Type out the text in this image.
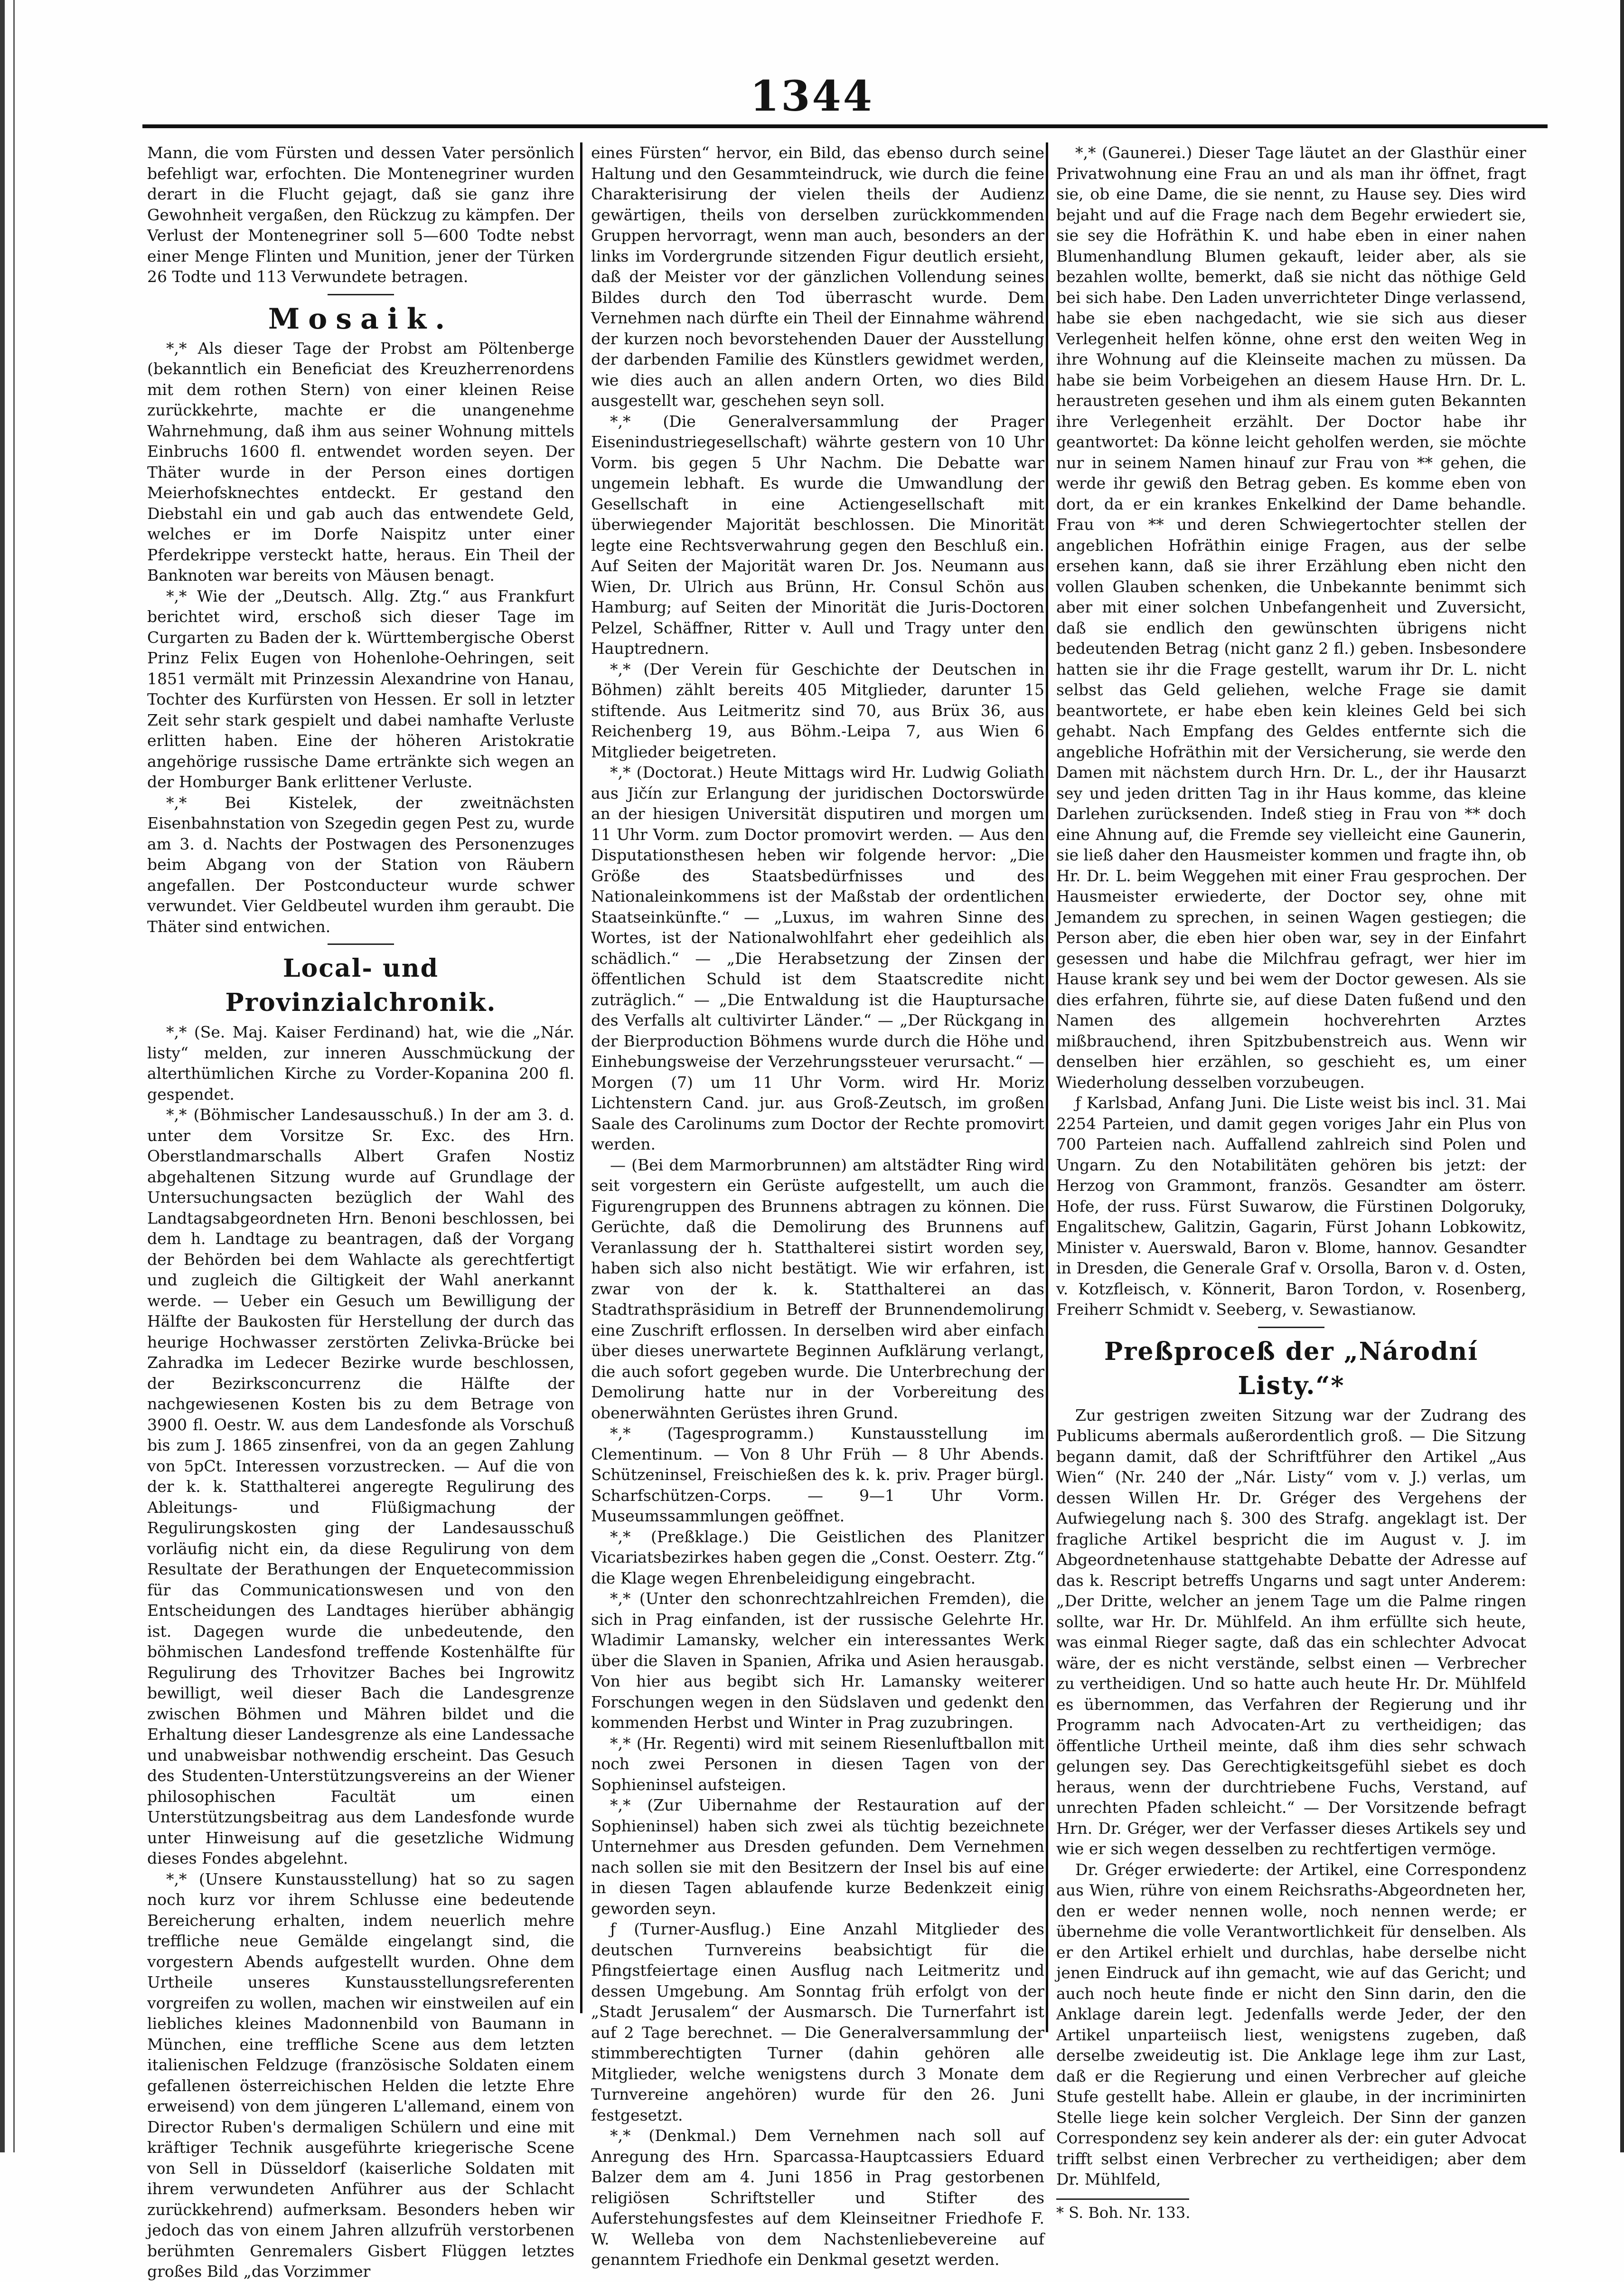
1344

Mann, die vom Fürsten und dessen Vater persönlich befehligt war, erfochten. Die Montenegriner wurden derart in die Flucht gejagt, daß sie ganz ihre Gewohnheit vergaßen, den Rückzug zu kämpfen. Der Verlust der Montenegriner soll 5—600 Todte nebst einer Menge Flinten und Munition, jener der Türken 26 Todte und 113 Verwundete betragen.

Mosaik.

*,* Als dieser Tage der Probst am Pöltenberge (bekanntlich ein Beneficiat des Kreuzherrenordens mit dem rothen Stern) von einer kleinen Reise zurückkehrte, machte er die unangenehme Wahrnehmung, daß ihm aus seiner Wohnung mittels Einbruchs 1600 fl. entwendet worden seyen. Der Thäter wurde in der Person eines dortigen Meierhofsknechtes entdeckt. Er gestand den Diebstahl ein und gab auch das entwendete Geld, welches er im Dorfe Naispitz unter einer Pferdekrippe versteckt hatte, heraus. Ein Theil der Banknoten war bereits von Mäusen benagt.

*,* Wie der „Deutsch. Allg. Ztg.“ aus Frankfurt berichtet wird, erschoß sich dieser Tage im Curgarten zu Baden der k. Württembergische Oberst Prinz Felix Eugen von Hohenlohe-Oehringen, seit 1851 vermält mit Prinzessin Alexandrine von Hanau, Tochter des Kurfürsten von Hessen. Er soll in letzter Zeit sehr stark gespielt und dabei namhafte Verluste erlitten haben. Eine der höheren Aristokratie angehörige russische Dame ertränkte sich wegen an der Homburger Bank erlittener Verluste.

*,* Bei Kistelek, der zweitnächsten Eisenbahnstation von Szegedin gegen Pest zu, wurde am 3. d. Nachts der Postwagen des Personenzuges beim Abgang von der Station von Räubern angefallen. Der Postconducteur wurde schwer verwundet. Vier Geldbeutel wurden ihm geraubt. Die Thäter sind entwichen.

Local- und Provinzialchronik.

*,* (Se. Maj. Kaiser Ferdinand) hat, wie die „Nár. listy“ melden, zur inneren Ausschmückung der alterthümlichen Kirche zu Vorder-Kopanina 200 fl. gespendet.

*,* (Böhmischer Landesausschuß.) In der am 3. d. unter dem Vorsitze Sr. Exc. des Hrn. Oberstlandmarschalls Albert Grafen Nostiz abgehaltenen Sitzung wurde auf Grundlage der Untersuchungsacten bezüglich der Wahl des Landtagsabgeordneten Hrn. Benoni beschlossen, bei dem h. Landtage zu beantragen, daß der Vorgang der Behörden bei dem Wahlacte als gerechtfertigt und zugleich die Giltigkeit der Wahl anerkannt werde. — Ueber ein Gesuch um Bewilligung der Hälfte der Baukosten für Herstellung der durch das heurige Hochwasser zerstörten Zelivka-Brücke bei Zahradka im Ledecer Bezirke wurde beschlossen, der Bezirksconcurrenz die Hälfte der nachgewiesenen Kosten bis zu dem Betrage von 3900 fl. Oestr. W. aus dem Landesfonde als Vorschuß bis zum J. 1865 zinsenfrei, von da an gegen Zahlung von 5pCt. Interessen vorzustrecken. — Auf die von der k. k. Statthalterei angeregte Regulirung des Ableitungs- und Flüßigmachung der Regulirungskosten ging der Landesausschuß vorläufig nicht ein, da diese Regulirung von dem Resultate der Berathungen der Enquetecommission für das Communicationswesen und von den Entscheidungen des Landtages hierüber abhängig ist. Dagegen wurde die unbedeutende, den böhmischen Landesfond treffende Kostenhälfte für Regulirung des Trhovitzer Baches bei Ingrowitz bewilligt, weil dieser Bach die Landesgrenze zwischen Böhmen und Mähren bildet und die Erhaltung dieser Landesgrenze als eine Landessache und unabweisbar nothwendig erscheint. Das Gesuch des Studenten-Unterstützungsvereins an der Wiener philosophischen Facultät um einen Unterstützungsbeitrag aus dem Landesfonde wurde unter Hinweisung auf die gesetzliche Widmung dieses Fondes abgelehnt.

*,* (Unsere Kunstausstellung) hat so zu sagen noch kurz vor ihrem Schlusse eine bedeutende Bereicherung erhalten, indem neuerlich mehre treffliche neue Gemälde eingelangt sind, die vorgestern Abends aufgestellt wurden. Ohne dem Urtheile unseres Kunstausstellungsreferenten vorgreifen zu wollen, machen wir einstweilen auf ein liebliches kleines Madonnenbild von Baumann in München, eine treffliche Scene aus dem letzten italienischen Feldzuge (französische Soldaten einem gefallenen österreichischen Helden die letzte Ehre erweisend) von dem jüngeren L'allemand, einem von Director Ruben's dermaligen Schülern und eine mit kräftiger Technik ausgeführte kriegerische Scene von Sell in Düsseldorf (kaiserliche Soldaten mit ihrem verwundeten Anführer aus der Schlacht zurückkehrend) aufmerksam. Besonders heben wir jedoch das von einem Jahren allzufrüh verstorbenen berühmten Genremalers Gisbert Flüggen letztes großes Bild „das Vorzimmer

eines Fürsten“ hervor, ein Bild, das ebenso durch seine Haltung und den Gesammteindruck, wie durch die feine Charakterisirung der vielen theils der Audienz gewärtigen, theils von derselben zurückkommenden Gruppen hervorragt, wenn man auch, besonders an der links im Vordergrunde sitzenden Figur deutlich ersieht, daß der Meister vor der gänzlichen Vollendung seines Bildes durch den Tod überrascht wurde. Dem Vernehmen nach dürfte ein Theil der Einnahme während der kurzen noch bevorstehenden Dauer der Ausstellung der darbenden Familie des Künstlers gewidmet werden, wie dies auch an allen andern Orten, wo dies Bild ausgestellt war, geschehen seyn soll.

*,* (Die Generalversammlung der Prager Eisenindustriegesellschaft) währte gestern von 10 Uhr Vorm. bis gegen 5 Uhr Nachm. Die Debatte war ungemein lebhaft. Es wurde die Umwandlung der Gesellschaft in eine Actiengesellschaft mit überwiegender Majorität beschlossen. Die Minorität legte eine Rechtsverwahrung gegen den Beschluß ein. Auf Seiten der Majorität waren Dr. Jos. Neumann aus Wien, Dr. Ulrich aus Brünn, Hr. Consul Schön aus Hamburg; auf Seiten der Minorität die Juris-Doctoren Pelzel, Schäffner, Ritter v. Aull und Tragy unter den Hauptrednern.

*,* (Der Verein für Geschichte der Deutschen in Böhmen) zählt bereits 405 Mitglieder, darunter 15 stiftende. Aus Leitmeritz sind 70, aus Brüx 36, aus Reichenberg 19, aus Böhm.-Leipa 7, aus Wien 6 Mitglieder beigetreten.

*,* (Doctorat.) Heute Mittags wird Hr. Ludwig Goliath aus Jičín zur Erlangung der juridischen Doctorswürde an der hiesigen Universität disputiren und morgen um 11 Uhr Vorm. zum Doctor promovirt werden. — Aus den Disputationsthesen heben wir folgende hervor: „Die Größe des Staatsbedürfnisses und des Nationaleinkommens ist der Maßstab der ordentlichen Staatseinkünfte.“ — „Luxus, im wahren Sinne des Wortes, ist der Nationalwohlfahrt eher gedeihlich als schädlich.“ — „Die Herabsetzung der Zinsen der öffentlichen Schuld ist dem Staatscredite nicht zuträglich.“ — „Die Entwaldung ist die Hauptursache des Verfalls alt cultivirter Länder.“ — „Der Rückgang in der Bierproduction Böhmens wurde durch die Höhe und Einhebungsweise der Verzehrungssteuer verursacht.“ — Morgen (7) um 11 Uhr Vorm. wird Hr. Moriz Lichtenstern Cand. jur. aus Groß-Zeutsch, im großen Saale des Carolinums zum Doctor der Rechte promovirt werden.

— (Bei dem Marmorbrunnen) am altstädter Ring wird seit vorgestern ein Gerüste aufgestellt, um auch die Figurengruppen des Brunnens abtragen zu können. Die Gerüchte, daß die Demolirung des Brunnens auf Veranlassung der h. Statthalterei sistirt worden sey, haben sich also nicht bestätigt. Wie wir erfahren, ist zwar von der k. k. Statthalterei an das Stadtrathspräsidium in Betreff der Brunnendemolirung eine Zuschrift erflossen. In derselben wird aber einfach über dieses unerwartete Beginnen Aufklärung verlangt, die auch sofort gegeben wurde. Die Unterbrechung der Demolirung hatte nur in der Vorbereitung des obenerwähnten Gerüstes ihren Grund.

*,* (Tagesprogramm.) Kunstausstellung im Clementinum. — Von 8 Uhr Früh — 8 Uhr Abends. Schützeninsel, Freischießen des k. k. priv. Prager bürgl. Scharfschützen-Corps. — 9—1 Uhr Vorm. Museumssammlungen geöffnet.

*,* (Preßklage.) Die Geistlichen des Planitzer Vicariatsbezirkes haben gegen die „Const. Oesterr. Ztg.“ die Klage wegen Ehrenbeleidigung eingebracht.

*,* (Unter den schonrechtzahlreichen Fremden), die sich in Prag einfanden, ist der russische Gelehrte Hr. Wladimir Lamansky, welcher ein interessantes Werk über die Slaven in Spanien, Afrika und Asien herausgab. Von hier aus begibt sich Hr. Lamansky weiterer Forschungen wegen in den Südslaven und gedenkt den kommenden Herbst und Winter in Prag zuzubringen.

*,* (Hr. Regenti) wird mit seinem Riesenluftballon mit noch zwei Personen in diesen Tagen von der Sophieninsel aufsteigen.

*,* (Zur Uibernahme der Restauration auf der Sophieninsel) haben sich zwei als tüchtig bezeichnete Unternehmer aus Dresden gefunden. Dem Vernehmen nach sollen sie mit den Besitzern der Insel bis auf eine in diesen Tagen ablaufende kurze Bedenkzeit einig geworden seyn.

ƒ (Turner-Ausflug.) Eine Anzahl Mitglieder des deutschen Turnvereins beabsichtigt für die Pfingstfeiertage einen Ausflug nach Leitmeritz und dessen Umgebung. Am Sonntag früh erfolgt von der „Stadt Jerusalem“ der Ausmarsch. Die Turnerfahrt ist auf 2 Tage berechnet. — Die Generalversammlung der stimmberechtigten Turner (dahin gehören alle Mitglieder, welche wenigstens durch 3 Monate dem Turnvereine angehören) wurde für den 26. Juni festgesetzt.

*,* (Denkmal.) Dem Vernehmen nach soll auf Anregung des Hrn. Sparcassa-Hauptcassiers Eduard Balzer dem am 4. Juni 1856 in Prag gestorbenen religiösen Schriftsteller und Stifter des Auferstehungsfestes auf dem Kleinseitner Friedhofe F. W. Welleba von dem Nachstenliebevereine auf genanntem Friedhofe ein Denkmal gesetzt werden.

*,* (Gaunerei.) Dieser Tage läutet an der Glasthür einer Privatwohnung eine Frau an und als man ihr öffnet, fragt sie, ob eine Dame, die sie nennt, zu Hause sey. Dies wird bejaht und auf die Frage nach dem Begehr erwiedert sie, sie sey die Hofräthin K. und habe eben in einer nahen Blumenhandlung Blumen gekauft, leider aber, als sie bezahlen wollte, bemerkt, daß sie nicht das nöthige Geld bei sich habe. Den Laden unverrichteter Dinge verlassend, habe sie eben nachgedacht, wie sie sich aus dieser Verlegenheit helfen könne, ohne erst den weiten Weg in ihre Wohnung auf die Kleinseite machen zu müssen. Da habe sie beim Vorbeigehen an diesem Hause Hrn. Dr. L. heraustreten gesehen und ihm als einem guten Bekannten ihre Verlegenheit erzählt. Der Doctor habe ihr geantwortet: Da könne leicht geholfen werden, sie möchte nur in seinem Namen hinauf zur Frau von ** gehen, die werde ihr gewiß den Betrag geben. Es komme eben von dort, da er ein krankes Enkelkind der Dame behandle. Frau von ** und deren Schwiegertochter stellen der angeblichen Hofräthin einige Fragen, aus der selbe ersehen kann, daß sie ihrer Erzählung eben nicht den vollen Glauben schenken, die Unbekannte benimmt sich aber mit einer solchen Unbefangenheit und Zuversicht, daß sie endlich den gewünschten übrigens nicht bedeutenden Betrag (nicht ganz 2 fl.) geben. Insbesondere hatten sie ihr die Frage gestellt, warum ihr Dr. L. nicht selbst das Geld geliehen, welche Frage sie damit beantwortete, er habe eben kein kleines Geld bei sich gehabt. Nach Empfang des Geldes entfernte sich die angebliche Hofräthin mit der Versicherung, sie werde den Damen mit nächstem durch Hrn. Dr. L., der ihr Hausarzt sey und jeden dritten Tag in ihr Haus komme, das kleine Darlehen zurücksenden. Indeß stieg in Frau von ** doch eine Ahnung auf, die Fremde sey vielleicht eine Gaunerin, sie ließ daher den Hausmeister kommen und fragte ihn, ob Hr. Dr. L. beim Weggehen mit einer Frau gesprochen. Der Hausmeister erwiederte, der Doctor sey, ohne mit Jemandem zu sprechen, in seinen Wagen gestiegen; die Person aber, die eben hier oben war, sey in der Einfahrt gesessen und habe die Milchfrau gefragt, wer hier im Hause krank sey und bei wem der Doctor gewesen. Als sie dies erfahren, führte sie, auf diese Daten fußend und den Namen des allgemein hochverehrten Arztes mißbrauchend, ihren Spitzbubenstreich aus. Wenn wir denselben hier erzählen, so geschieht es, um einer Wiederholung desselben vorzubeugen.

ƒ Karlsbad, Anfang Juni. Die Liste weist bis incl. 31. Mai 2254 Parteien, und damit gegen voriges Jahr ein Plus von 700 Parteien nach. Auffallend zahlreich sind Polen und Ungarn. Zu den Notabilitäten gehören bis jetzt: der Herzog von Grammont, französ. Gesandter am österr. Hofe, der russ. Fürst Suwarow, die Fürstinen Dolgoruky, Engalitschew, Galitzin, Gagarin, Fürst Johann Lobkowitz, Minister v. Auerswald, Baron v. Blome, hannov. Gesandter in Dresden, die Generale Graf v. Orsolla, Baron v. d. Osten, v. Kotzfleisch, v. Könnerit, Baron Tordon, v. Rosenberg, Freiherr Schmidt v. Seeberg, v. Sewastianow.

Preßproceß der „Národní Listy.“*

Zur gestrigen zweiten Sitzung war der Zudrang des Publicums abermals außerordentlich groß. — Die Sitzung begann damit, daß der Schriftführer den Artikel „Aus Wien“ (Nr. 240 der „Nár. Listy“ vom v. J.) verlas, um dessen Willen Hr. Dr. Gréger des Vergehens der Aufwiegelung nach §. 300 des Strafg. angeklagt ist. Der fragliche Artikel bespricht die im August v. J. im Abgeordnetenhause stattgehabte Debatte der Adresse auf das k. Rescript betreffs Ungarns und sagt unter Anderem: „Der Dritte, welcher an jenem Tage um die Palme ringen sollte, war Hr. Dr. Mühlfeld. An ihm erfüllte sich heute, was einmal Rieger sagte, daß das ein schlechter Advocat wäre, der es nicht verstände, selbst einen — Verbrecher zu vertheidigen. Und so hatte auch heute Hr. Dr. Mühlfeld es übernommen, das Verfahren der Regierung und ihr Programm nach Advocaten-Art zu vertheidigen; das öffentliche Urtheil meinte, daß ihm dies sehr schwach gelungen sey. Das Gerechtigkeitsgefühl siebet es doch heraus, wenn der durchtriebene Fuchs, Verstand, auf unrechten Pfaden schleicht.“ — Der Vorsitzende befragt Hrn. Dr. Gréger, wer der Verfasser dieses Artikels sey und wie er sich wegen desselben zu rechtfertigen vermöge.

Dr. Gréger erwiederte: der Artikel, eine Correspondenz aus Wien, rühre von einem Reichsraths-Abgeordneten her, den er weder nennen wolle, noch nennen werde; er übernehme die volle Verantwortlichkeit für denselben. Als er den Artikel erhielt und durchlas, habe derselbe nicht jenen Eindruck auf ihn gemacht, wie auf das Gericht; und auch noch heute finde er nicht den Sinn darin, den die Anklage darein legt. Jedenfalls werde Jeder, der den Artikel unparteiisch liest, wenigstens zugeben, daß derselbe zweideutig ist. Die Anklage lege ihm zur Last, daß er die Regierung und einen Verbrecher auf gleiche Stufe gestellt habe. Allein er glaube, in der incriminirten Stelle liege kein solcher Vergleich. Der Sinn der ganzen Correspondenz sey kein anderer als der: ein guter Advocat trifft selbst einen Verbrecher zu vertheidigen; aber dem Dr. Mühlfeld,

* S. Boh. Nr. 133.
